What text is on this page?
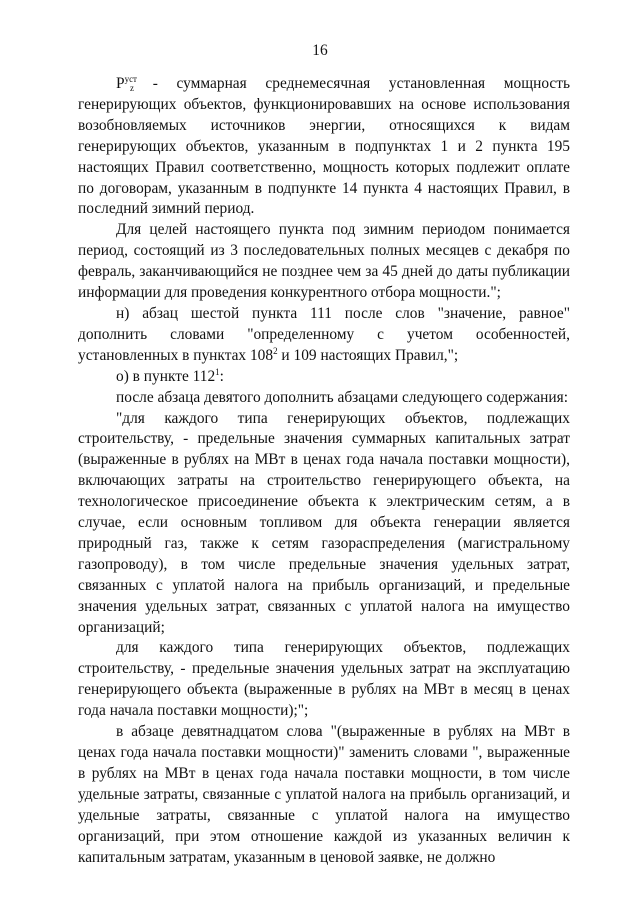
16

$P^{уст}_z$ - суммарная среднемесячная установленная мощность генерирующих объектов, функционировавших на основе использования возобновляемых источников энергии, относящихся к видам генерирующих объектов, указанным в подпунктах 1 и 2 пункта 195 настоящих Правил соответственно, мощность которых подлежит оплате по договорам, указанным в подпункте 14 пункта 4 настоящих Правил, в последний зимний период.

Для целей настоящего пункта под зимним периодом понимается период, состоящий из 3 последовательных полных месяцев с декабря по февраль, заканчивающийся не позднее чем за 45 дней до даты публикации информации для проведения конкурентного отбора мощности.";

н) абзац шестой пункта 111 после слов "значение, равное" дополнить словами "определенному с учетом особенностей, установленных в пунктах $108^2$ и 109 настоящих Правил,";

о) в пункте $112^1$:

после абзаца девятого дополнить абзацами следующего содержания:

"для каждого типа генерирующих объектов, подлежащих строительству, - предельные значения суммарных капитальных затрат (выраженные в рублях на МВт в ценах года начала поставки мощности), включающих затраты на строительство генерирующего объекта, на технологическое присоединение объекта к электрическим сетям, а в случае, если основным топливом для объекта генерации является природный газ, также к сетям газораспределения (магистральному газопроводу), в том числе предельные значения удельных затрат, связанных с уплатой налога на прибыль организаций, и предельные значения удельных затрат, связанных с уплатой налога на имущество организаций;

для каждого типа генерирующих объектов, подлежащих строительству, - предельные значения удельных затрат на эксплуатацию генерирующего объекта (выраженные в рублях на МВт в месяц в ценах года начала поставки мощности);";

в абзаце девятнадцатом слова "(выраженные в рублях на МВт в ценах года начала поставки мощности)" заменить словами ", выраженные в рублях на МВт в ценах года начала поставки мощности, в том числе удельные затраты, связанные с уплатой налога на прибыль организаций, и удельные затраты, связанные с уплатой налога на имущество организаций, при этом отношение каждой из указанных величин к капитальным затратам, указанным в ценовой заявке, не должно
